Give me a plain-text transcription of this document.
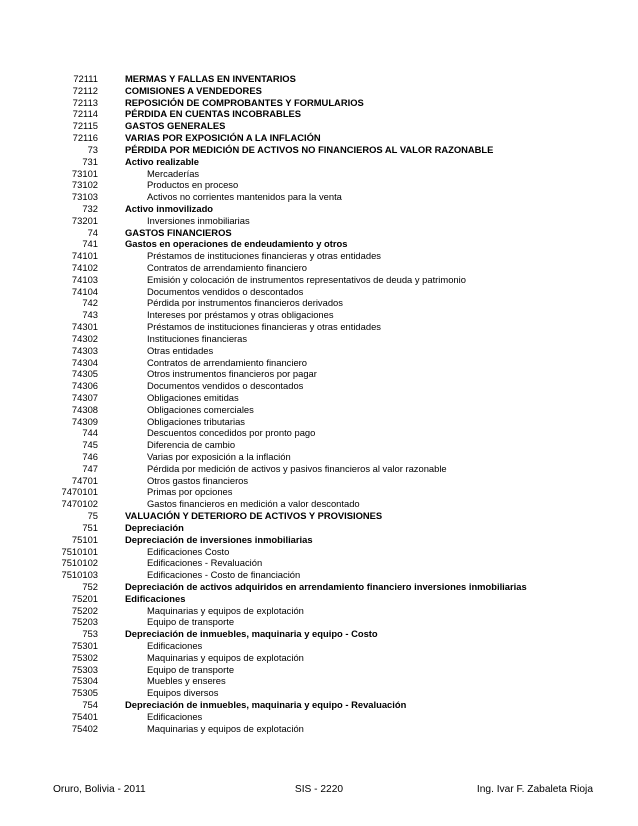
72111	MERMAS Y FALLAS EN INVENTARIOS
72112	COMISIONES A VENDEDORES
72113	REPOSICIÓN DE COMPROBANTES Y FORMULARIOS
72114	PÉRDIDA EN CUENTAS INCOBRABLES
72115	GASTOS GENERALES
72116	VARIAS POR EXPOSICIÓN A LA INFLACIÓN
73	PÉRDIDA POR MEDICIÓN DE ACTIVOS NO FINANCIEROS AL VALOR RAZONABLE
731	Activo realizable
73101	Mercaderías
73102	Productos en proceso
73103	Activos no corrientes mantenidos para la venta
732	Activo inmovilizado
73201	Inversiones inmobiliarias
74	GASTOS FINANCIEROS
741	Gastos en operaciones de endeudamiento y otros
74101	Préstamos de instituciones financieras y otras entidades
74102	Contratos de arrendamiento financiero
74103	Emisión y colocación de instrumentos representativos de deuda y patrimonio
74104	Documentos vendidos o descontados
742	Pérdida por instrumentos financieros derivados
743	Intereses por préstamos y otras obligaciones
74301	Préstamos de instituciones financieras y otras entidades
74302	Instituciones financieras
74303	Otras entidades
74304	Contratos de arrendamiento financiero
74305	Otros instrumentos financieros por pagar
74306	Documentos vendidos o descontados
74307	Obligaciones emitidas
74308	Obligaciones comerciales
74309	Obligaciones tributarias
744	Descuentos concedidos por pronto pago
745	Diferencia de cambio
746	Varias por exposición a la inflación
747	Pérdida por medición de activos y pasivos financieros al valor razonable
74701	Otros gastos financieros
7470101	Primas por opciones
7470102	Gastos financieros en medición a valor descontado
75	VALUACIÓN Y DETERIORO DE ACTIVOS Y PROVISIONES
751	Depreciación
75101	Depreciación de inversiones inmobiliarias
7510101	Edificaciones Costo
7510102	Edificaciones - Revaluación
7510103	Edificaciones - Costo de financiación
752	Depreciación de activos adquiridos en arrendamiento financiero inversiones inmobiliarias
75201	Edificaciones
75202	Maquinarias y equipos de explotación
75203	Equipo de transporte
753	Depreciación de inmuebles, maquinaria y equipo - Costo
75301	Edificaciones
75302	Maquinarias y equipos de explotación
75303	Equipo de transporte
75304	Muebles y enseres
75305	Equipos diversos
754	Depreciación de inmuebles, maquinaria y equipo - Revaluación
75401	Edificaciones
75402	Maquinarias y equipos de explotación
Oruro, Bolivia - 2011	SIS - 2220	Ing. Ivar F. Zabaleta Rioja
